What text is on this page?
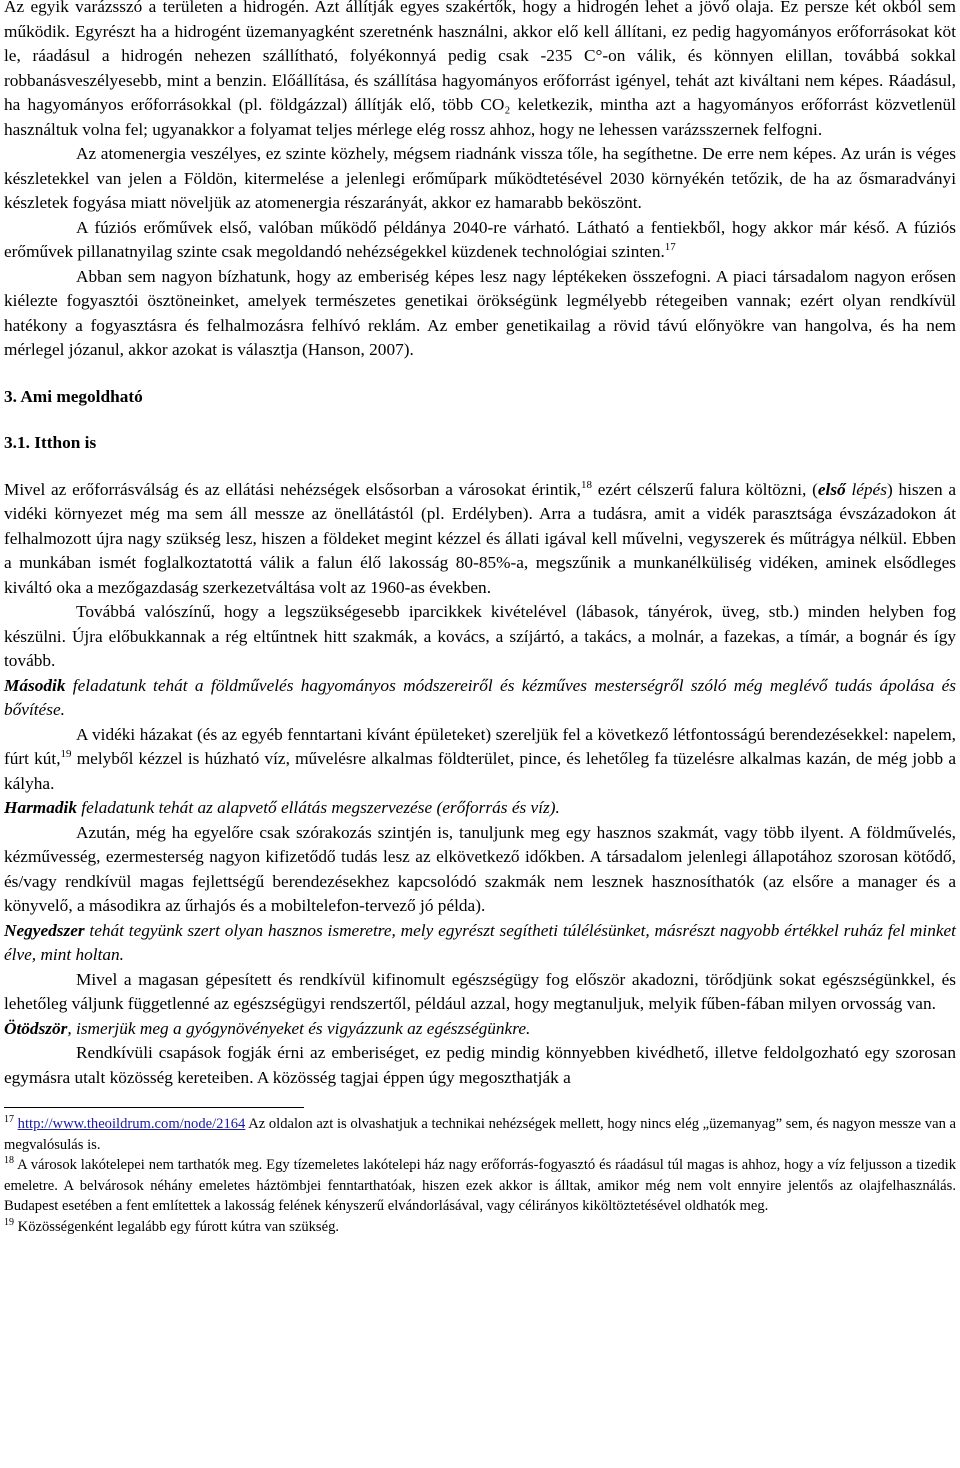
Az egyik varázsszó a területen a hidrogén. Azt állítják egyes szakértők, hogy a hidrogén lehet a jövő olaja. Ez persze két okból sem működik. Egyrészt ha a hidrogént üzemanyagként szeretnénk használni, akkor elő kell állítani, ez pedig hagyományos erőforrásokat köt le, ráadásul a hidrogén nehezen szállítható, folyékonnyá pedig csak -235 C°-on válik, és könnyen elillan, továbbá sokkal robbanásveszélyesebb, mint a benzin. Előállítása, és szállítása hagyományos erőforrást igényel, tehát azt kiváltani nem képes. Ráadásul, ha hagyományos erőforrásokkal (pl. földgázzal) állítják elő, több CO₂ keletkezik, mintha azt a hagyományos erőforrást közvetlenül használtuk volna fel; ugyanakkor a folyamat teljes mérlege elég rossz ahhoz, hogy ne lehessen varázsszernek felfogni.

Az atomenergia veszélyes, ez szinte közhely, mégsem riadnánk vissza tőle, ha segíthetne. De erre nem képes. Az urán is véges készletekkel van jelen a Földön, kitermelése a jelenlegi erőműpark működtetésével 2030 környékén tetőzik, de ha az ősmaradványi készletek fogyása miatt növeljük az atomenergia részarányát, akkor ez hamarabb beköszönt.

A fúziós erőművek első, valóban működő példánya 2040-re várható. Látható a fentiekből, hogy akkor már késő. A fúziós erőművek pillanatnyilag szinte csak megoldandó nehézségekkel küzdenek technológiai szinten.$^{17}$

Abban sem nagyon bízhatunk, hogy az emberiség képes lesz nagy léptékeken összefogni. A piaci társadalom nagyon erősen kiélezte fogyasztói ösztöneinket, amelyek természetes genetikai örökségünk legmélyebb rétegeiben vannak; ezért olyan rendkívül hatékony a fogyasztásra és felhalmozásra felhívó reklám. Az ember genetikailag a rövid távú előnyökre van hangolva, és ha nem mérlegel józanul, akkor azokat is választja (Hanson, 2007).

3. Ami megoldható

3.1. Itthon is

Mivel az erőforrásválság és az ellátási nehézségek elsősorban a városokat érintik,$^{18}$ ezért célszerű falura költözni, (első lépés) hiszen a vidéki környezet még ma sem áll messze az önellátástól (pl. Erdélyben). Arra a tudásra, amit a vidék parasztsága évszázadokon át felhalmozott újra nagy szükség lesz, hiszen a földeket megint kézzel és állati igával kell művelni, vegyszerek és műtrágya nélkül. Ebben a munkában ismét foglalkoztatottá válik a falun élő lakosság 80-85%-a, megszűnik a munkanélküliség vidéken, aminek elsődleges kiváltó oka a mezőgazdaság szerkezetváltása volt az 1960-as években.

Továbbá valószínű, hogy a legszükségesebb iparcikkek kivételével (lábasok, tányérok, üveg, stb.) minden helyben fog készülni. Újra előbukkannak a rég eltűntnek hitt szakmák, a kovács, a szíjártó, a takács, a molnár, a fazekas, a tímár, a bognár és így tovább.

Második feladatunk tehát a földművelés hagyományos módszereiről és kézműves mesterségről szóló még meglévő tudás ápolása és bővítése.

A vidéki házakat (és az egyéb fenntartani kívánt épületeket) szereljük fel a következő létfontosságú berendezésekkel: napelem, fúrt kút,$^{19}$ melyből kézzel is húzható víz, művelésre alkalmas földterület, pince, és lehetőleg fa tüzelésre alkalmas kazán, de még jobb a kályha.

Harmadik feladatunk tehát az alapvető ellátás megszervezése (erőforrás és víz).

Azután, még ha egyelőre csak szórakozás szintjén is, tanuljunk meg egy hasznos szakmát, vagy több ilyent. A földművelés, kézművesség, ezermesterség nagyon kifizetődő tudás lesz az elkövetkező időkben. A társadalom jelenlegi állapotához szorosan kötődő, és/vagy rendkívül magas fejlettségű berendezésekhez kapcsolódó szakmák nem lesznek hasznosíthatók (az elsőre a manager és a könyvelő, a másodikra az űrhajós és a mobiltelefon-tervező jó példa).

Negyedszer tehát tegyünk szert olyan hasznos ismeretre, mely egyrészt segítheti túlélésünket, másrészt nagyobb értékkel ruház fel minket élve, mint holtan.

Mivel a magasan gépesített és rendkívül kifinomult egészségügy fog először akadozni, törődjünk sokat egészségünkkel, és lehetőleg váljunk függetlenné az egészségügyi rendszertől, például azzal, hogy megtanuljuk, melyik fűben-fában milyen orvosság van.

Ötödször, ismerjük meg a gyógynövényeket és vigyázzunk az egészségünkre.

Rendkívüli csapások fogják érni az emberiséget, ez pedig mindig könnyebben kivédhető, illetve feldolgozható egy szorosan egymásra utalt közösség kereteiben. A közösség tagjai éppen úgy megoszthatják a

$^{17}$ http://www.theoildrum.com/node/2164 Az oldalon azt is olvashatjuk a technikai nehézségek mellett, hogy nincs elég „üzemanyag” sem, és nagyon messze van a megvalósulás is.

$^{18}$ A városok lakótelepei nem tarthatók meg. Egy tízemeletes lakótelepi ház nagy erőforrás-fogyasztó és ráadásul túl magas is ahhoz, hogy a víz feljusson a tizedik emeletre. A belvárosok néhány emeletes háztömbjei fenntarthatóak, hiszen ezek akkor is álltak, amikor még nem volt ennyire jelentős az olajfelhasználás. Budapest esetében a fent említettek a lakosság felének kényszerű elvándorlásával, vagy célirányos kiköltöztetésével oldhatók meg.

$^{19}$ Közösségenként legalább egy fúrott kútra van szükség.
